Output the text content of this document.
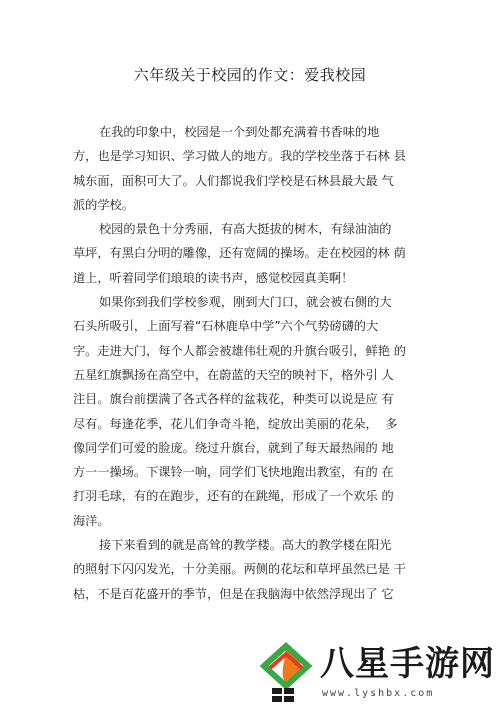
六年级关于校园的作文：爱我校园
在我的印象中，校园是一个到处都充满着书香味的地
方，也是学习知识、学习做人的地方。我的学校坐落于石林 县
城东面，面积可大了。人们都说我们学校是石林县最大最 气
派的学校。
校园的景色十分秀丽，有高大挺拔的树木，有绿油油的
草坪，有黑白分明的雕像，还有宽阔的操场。走在校园的林 荫
道上，听着同学们琅琅的读书声，感觉校园真美啊！
如果你到我们学校参观，刚到大门口，就会被右侧的大
石头所吸引，上面写着“石林鹿阜中学”六个气势磅礴的大
字。走进大门，每个人都会被雄伟壮观的升旗台吸引，鲜艳 的
五星红旗飘扬在高空中，在蔚蓝的天空的映衬下，格外引 人
注目。旗台前摆满了各式各样的盆栽花，种类可以说是应 有
尽有。每逢花季，花儿们争奇斗艳，绽放出美丽的花朵，  多
像同学们可爱的脸庞。绕过升旗台，就到了每天最热闹的 地
方一一操场。下课铃一响，同学们飞快地跑出教室，有的 在
打羽毛球，有的在跑步，还有的在跳绳，形成了一个欢乐 的
海洋。
接下来看到的就是高耸的教学楼。高大的教学楼在阳光
的照射下闪闪发光，十分美丽。两侧的花坛和草坪虽然已是 干
枯，不是百花盛开的季节，但是在我脑海中依然浮现出了 它
八星手游网
www.lyshbx.com
